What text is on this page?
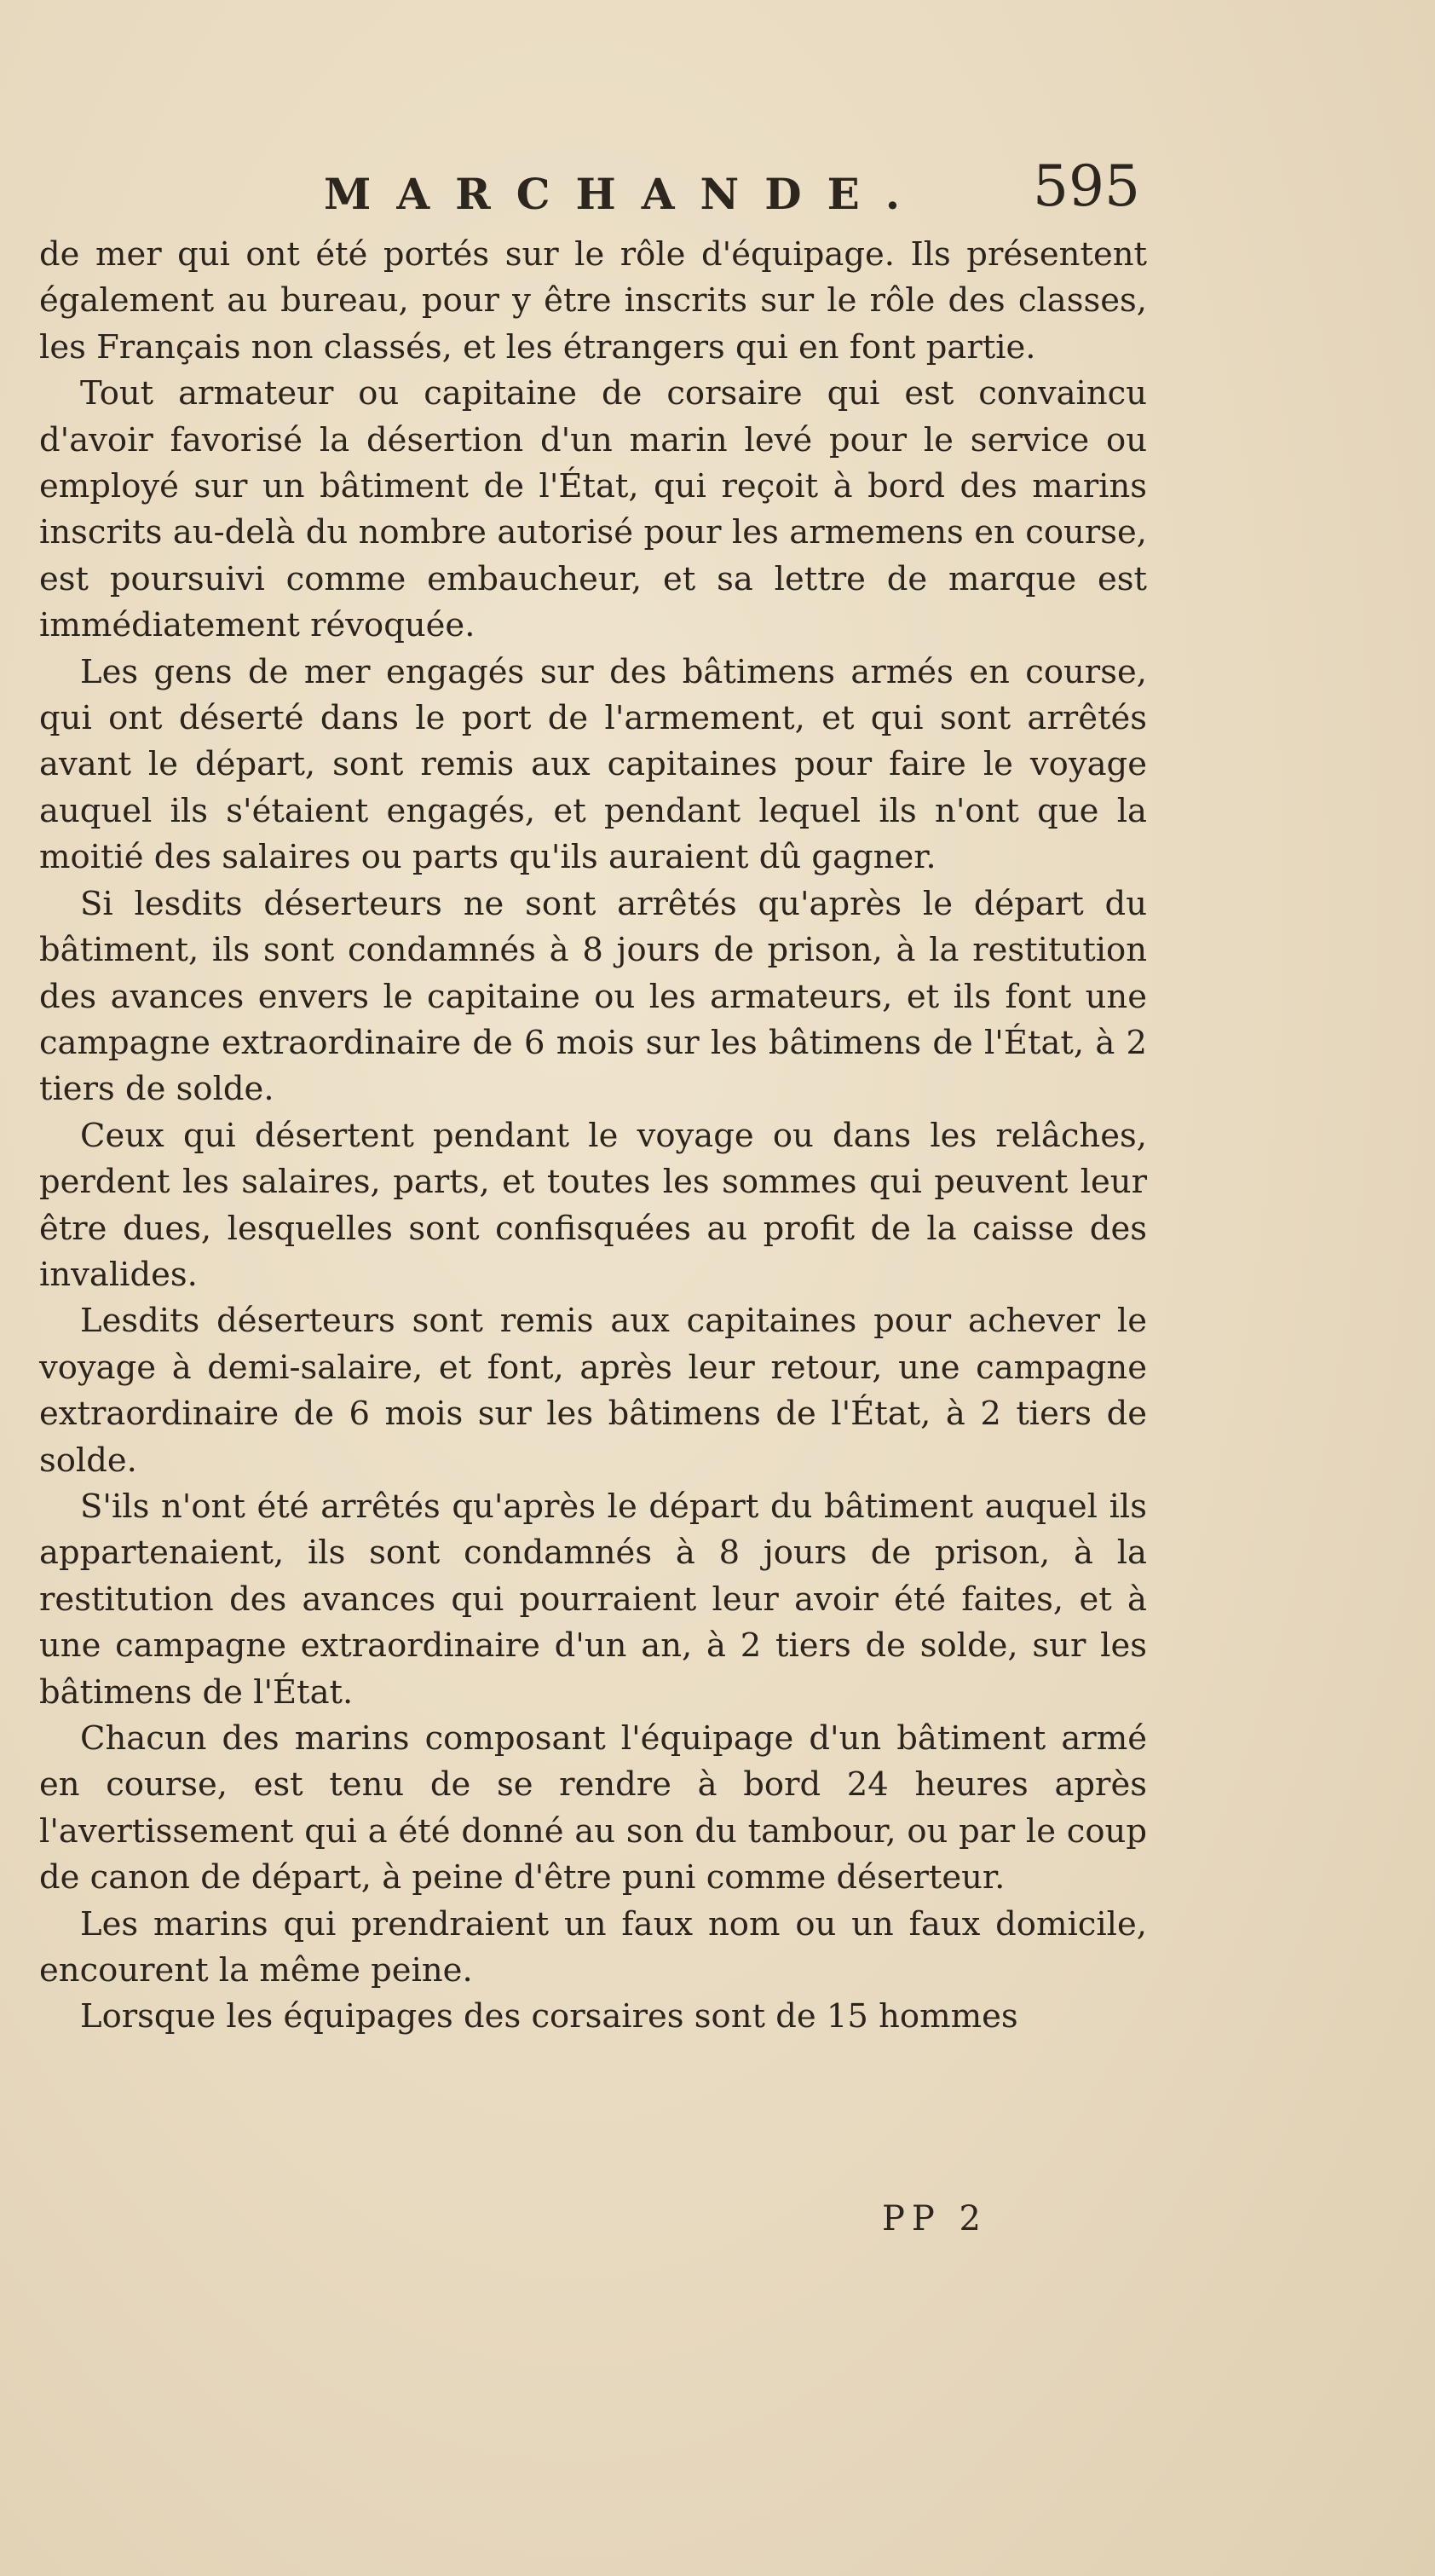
MARCHANDE. 595

de mer qui ont été portés sur le rôle d'équipage. Ils présentent également au bureau, pour y être inscrits sur le rôle des classes, les Français non classés, et les étrangers qui en font partie.

Tout armateur ou capitaine de corsaire qui est convaincu d'avoir favorisé la désertion d'un marin levé pour le service ou employé sur un bâtiment de l'État, qui reçoit à bord des marins inscrits au-delà du nombre autorisé pour les armemens en course, est poursuivi comme embaucheur, et sa lettre de marque est immédiatement révoquée.

Les gens de mer engagés sur des bâtimens armés en course, qui ont déserté dans le port de l'armement, et qui sont arrêtés avant le départ, sont remis aux capitaines pour faire le voyage auquel ils s'étaient engagés, et pendant lequel ils n'ont que la moitié des salaires ou parts qu'ils auraient dû gagner.

Si lesdits déserteurs ne sont arrêtés qu'après le départ du bâtiment, ils sont condamnés à 8 jours de prison, à la restitution des avances envers le capitaine ou les armateurs, et ils font une campagne extraordinaire de 6 mois sur les bâtimens de l'État, à 2 tiers de solde.

Ceux qui désertent pendant le voyage ou dans les relâches, perdent les salaires, parts, et toutes les sommes qui peuvent leur être dues, lesquelles sont confisquées au profit de la caisse des invalides.

Lesdits déserteurs sont remis aux capitaines pour achever le voyage à demi-salaire, et font, après leur retour, une campagne extraordinaire de 6 mois sur les bâtimens de l'État, à 2 tiers de solde.

S'ils n'ont été arrêtés qu'après le départ du bâtiment auquel ils appartenaient, ils sont condamnés à 8 jours de prison, à la restitution des avances qui pourraient leur avoir été faites, et à une campagne extraordinaire d'un an, à 2 tiers de solde, sur les bâtimens de l'État.

Chacun des marins composant l'équipage d'un bâtiment armé en course, est tenu de se rendre à bord 24 heures après l'avertissement qui a été donné au son du tambour, ou par le coup de canon de départ, à peine d'être puni comme déserteur.

Les marins qui prendraient un faux nom ou un faux domicile, encourent la même peine.

Lorsque les équipages des corsaires sont de 15 hommes

PP 2
